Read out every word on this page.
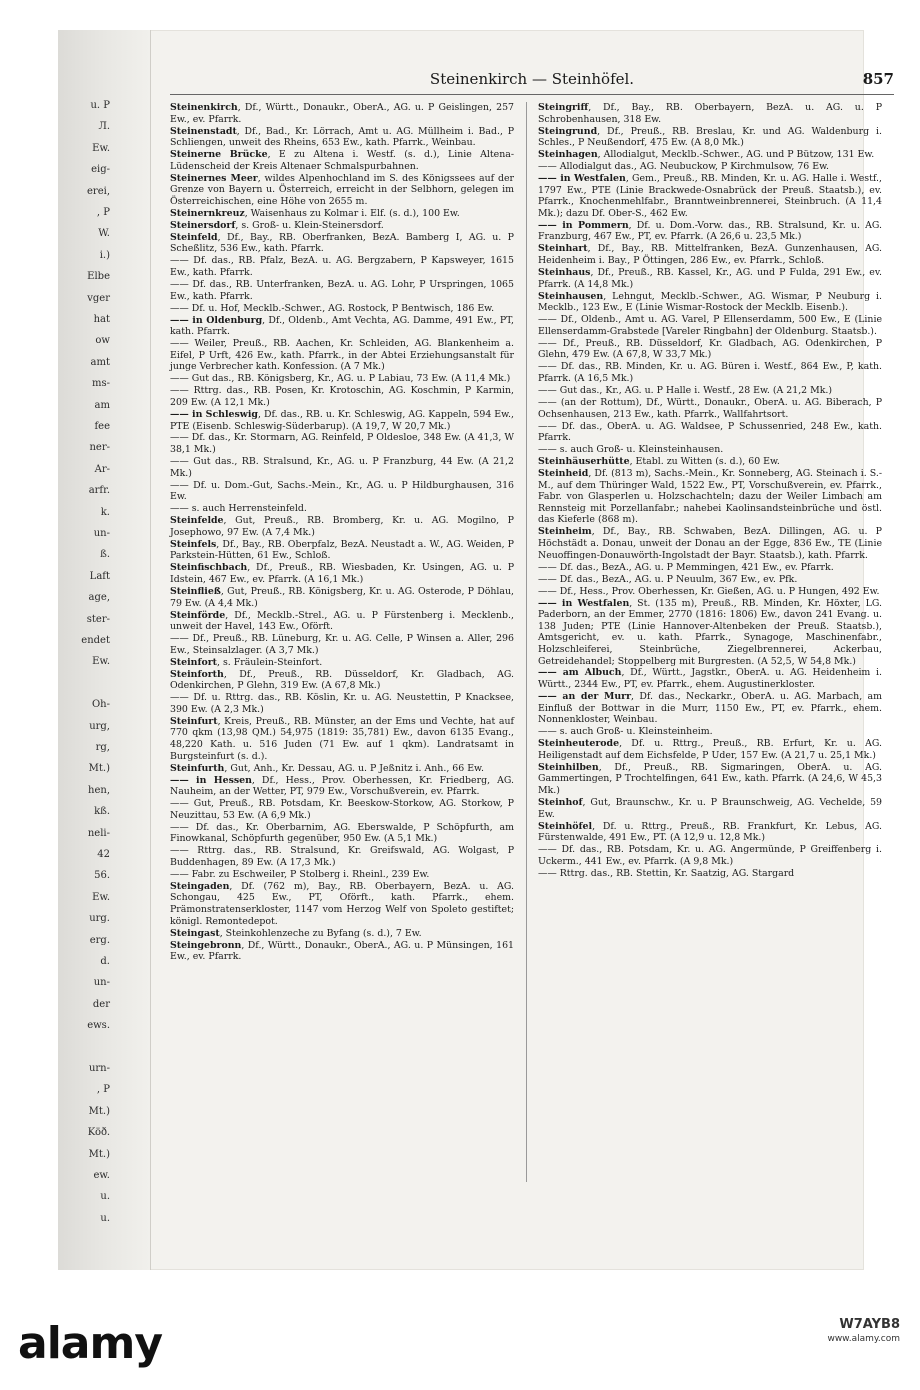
u. P
Л.
Ew.
eig-
erei,
, P
W.
i.)
Elbe
vger
hat
ow
amt
ms-
am
fee
ner-
Ar-
arfr.
k.
un-
ß.
Laft
age,
ster-
endet
Ew.
Oh-
urg,
rg,
Mt.)
hen,
kß.
neli-
42
56.
Ew.
urg.
erg.
d.
un-
der
ews.
urn-
, P
Mt.)
Köð.
Mt.)
ew.
u.
u.
Steinenkirch — Steinhöfel.	857

Steinenkirch, Df., Württ., Donaukr., OberA., AG. u. P Geislingen, 257 Ew., ev. Pfarrk.

Steinenstadt, Df., Bad., Kr. Lörrach, Amt u. AG. Müllheim i. Bad., P Schliengen, unweit des Rheins, 653 Ew., kath. Pfarrk., Weinbau.

Steinerne Brücke, E zu Altena i. Westf. (s. d.), Linie Altena-Lüdenscheid der Kreis Altenaer Schmalspurbahnen.

Steinernes Meer, wildes Alpenhochland im S. des Königssees auf der Grenze von Bayern u. Österreich, erreicht in der Selbhorn, gelegen im Österreichischen, eine Höhe von 2655 m.

Steinernkreuz, Waisenhaus zu Kolmar i. Elf. (s. d.), 100 Ew.

Steinersdorf, s. Groß- u. Klein-Steinersdorf.

Steinfeld, Df., Bay., RB. Oberfranken, BezA. Bamberg I, AG. u. P Scheßlitz, 536 Ew., kath. Pfarrk.

—— Df. das., RB. Pfalz, BezA. u. AG. Bergzabern, P Kapsweyer, 1615 Ew., kath. Pfarrk.

—— Df. das., RB. Unterfranken, BezA. u. AG. Lohr, P Urspringen, 1065 Ew., kath. Pfarrk.

—— Df. u. Hof, Mecklb.-Schwer., AG. Rostock, P Bentwisch, 186 Ew.

—— in Oldenburg, Df., Oldenb., Amt Vechta, AG. Damme, 491 Ew., PT, kath. Pfarrk.

—— Weiler, Preuß., RB. Aachen, Kr. Schleiden, AG. Blankenheim a. Eifel, P Urft, 426 Ew., kath. Pfarrk., in der Abtei Erziehungsanstalt für junge Verbrecher kath. Konfession. (A 7 Mk.)

—— Gut das., RB. Königsberg, Kr., AG. u. P Labiau, 73 Ew. (A 11,4 Mk.)

—— Rttrg. das., RB. Posen, Kr. Krotoschin, AG. Koschmin, P Karmin, 209 Ew. (A 12,1 Mk.)

—— in Schleswig, Df. das., RB. u. Kr. Schleswig, AG. Kappeln, 594 Ew., PTE (Eisenb. Schleswig-Süderbarup). (A 19,7, W 20,7 Mk.)

—— Df. das., Kr. Stormarn, AG. Reinfeld, P Oldesloe, 348 Ew. (A 41,3, W 38,1 Mk.)

—— Gut das., RB. Stralsund, Kr., AG. u. P Franzburg, 44 Ew. (A 21,2 Mk.)

—— Df. u. Dom.-Gut, Sachs.-Mein., Kr., AG. u. P Hildburghausen, 316 Ew.

—— s. auch Herrensteinfeld.

Steinfelde, Gut, Preuß., RB. Bromberg, Kr. u. AG. Mogilno, P Josephowo, 97 Ew. (A 7,4 Mk.)

Steinfels, Df., Bay., RB. Oberpfalz, BezA. Neustadt a. W., AG. Weiden, P Parkstein-Hütten, 61 Ew., Schloß.

Steinfischbach, Df., Preuß., RB. Wiesbaden, Kr. Usingen, AG. u. P Idstein, 467 Ew., ev. Pfarrk. (A 16,1 Mk.)

Steinfließ, Gut, Preuß., RB. Königsberg, Kr. u. AG. Osterode, P Döhlau, 79 Ew. (A 4,4 Mk.)

Steinförde, Df., Mecklb.-Strel., AG. u. P Fürstenberg i. Mecklenb., unweit der Havel, 143 Ew., Oförft.

—— Df., Preuß., RB. Lüneburg, Kr. u. AG. Celle, P Winsen a. Aller, 296 Ew., Steinsalzlager. (A 3,7 Mk.)

Steinfort, s. Fräulein-Steinfort.

Steinforth, Df., Preuß., RB. Düsseldorf, Kr. Gladbach, AG. Odenkirchen, P Glehn, 319 Ew. (A 67,8 Mk.)

—— Df. u. Rttrg. das., RB. Köslin, Kr. u. AG. Neustettin, P Knacksee, 390 Ew. (A 2,3 Mk.)

Steinfurt, Kreis, Preuß., RB. Münster, an der Ems und Vechte, hat auf 770 qkm (13,98 QM.) 54,975 (1819: 35,781) Ew., davon 6135 Evang., 48,220 Kath. u. 516 Juden (71 Ew. auf 1 qkm). Landratsamt in Burgsteinfurt (s. d.).

Steinfurth, Gut, Anh., Kr. Dessau, AG. u. P Jeßnitz i. Anh., 66 Ew.

—— in Hessen, Df., Hess., Prov. Oberhessen, Kr. Friedberg, AG. Nauheim, an der Wetter, PT, 979 Ew., Vorschußverein, ev. Pfarrk.

—— Gut, Preuß., RB. Potsdam, Kr. Beeskow-Storkow, AG. Storkow, P Neuzittau, 53 Ew. (A 6,9 Mk.)

—— Df. das., Kr. Oberbarnim, AG. Eberswalde, P Schöpfurth, am Finowkanal, Schöpfurth gegenüber, 950 Ew. (A 5,1 Mk.)

—— Rttrg. das., RB. Stralsund, Kr. Greifswald, AG. Wolgast, P Buddenhagen, 89 Ew. (A 17,3 Mk.)

—— Fabr. zu Eschweiler, P Stolberg i. Rheinl., 239 Ew.

Steingaden, Df. (762 m), Bay., RB. Oberbayern, BezA. u. AG. Schongau, 425 Ew., PT, Oförft., kath. Pfarrk., ehem. Prämonstratenserkloster, 1147 vom Herzog Welf von Spoleto gestiftet; königl. Remontedepot.

Steingast, Steinkohlenzeche zu Byfang (s. d.), 7 Ew.

Steingebronn, Df., Württ., Donaukr., OberA., AG. u. P Münsingen, 161 Ew., ev. Pfarrk.

Steingriff, Df., Bay., RB. Oberbayern, BezA. u. AG. u. P Schrobenhausen, 318 Ew.

Steingrund, Df., Preuß., RB. Breslau, Kr. und AG. Waldenburg i. Schles., P Neußendorf, 475 Ew. (A 8,0 Mk.)

Steinhagen, Allodialgut, Mecklb.-Schwer., AG. und P Bützow, 131 Ew.

—— Allodialgut das., AG. Neubuckow, P Kirchmulsow, 76 Ew.

—— in Westfalen, Gem., Preuß., RB. Minden, Kr. u. AG. Halle i. Westf., 1797 Ew., PTE (Linie Brackwede-Osnabrück der Preuß. Staatsb.), ev. Pfarrk., Knochenmehlfabr., Branntweinbrennerei, Steinbruch. (A 11,4 Mk.); dazu Df. Ober-S., 462 Ew.

—— in Pommern, Df. u. Dom.-Vorw. das., RB. Stralsund, Kr. u. AG. Franzburg, 467 Ew., PT, ev. Pfarrk. (A 26,6 u. 23,5 Mk.)

Steinhart, Df., Bay., RB. Mittelfranken, BezA. Gunzenhausen, AG. Heidenheim i. Bay., P Öttingen, 286 Ew., ev. Pfarrk., Schloß.

Steinhaus, Df., Preuß., RB. Kassel, Kr., AG. und P Fulda, 291 Ew., ev. Pfarrk. (A 14,8 Mk.)

Steinhausen, Lehngut, Mecklb.-Schwer., AG. Wismar, P Neuburg i. Mecklb., 123 Ew., E (Linie Wismar-Rostock der Mecklb. Eisenb.).

—— Df., Oldenb., Amt u. AG. Varel, P Ellenserdamm, 500 Ew., E (Linie Ellenserdamm-Grabstede [Vareler Ringbahn] der Oldenburg. Staatsb.).

—— Df., Preuß., RB. Düsseldorf, Kr. Gladbach, AG. Odenkirchen, P Glehn, 479 Ew. (A 67,8, W 33,7 Mk.)

—— Df. das., RB. Minden, Kr. u. AG. Büren i. Westf., 864 Ew., P, kath. Pfarrk. (A 16,5 Mk.)

—— Gut das., Kr., AG. u. P Halle i. Westf., 28 Ew. (A 21,2 Mk.)

—— (an der Rottum), Df., Württ., Donaukr., OberA. u. AG. Biberach, P Ochsenhausen, 213 Ew., kath. Pfarrk., Wallfahrtsort.

—— Df. das., OberA. u. AG. Waldsee, P Schussenried, 248 Ew., kath. Pfarrk.

—— s. auch Groß- u. Kleinsteinhausen.

Steinhäuserhütte, Etabl. zu Witten (s. d.), 60 Ew.

Steinheid, Df. (813 m), Sachs.-Mein., Kr. Sonneberg, AG. Steinach i. S.-M., auf dem Thüringer Wald, 1522 Ew., PT, Vorschußverein, ev. Pfarrk., Fabr. von Glasperlen u. Holzschachteln; dazu der Weiler Limbach am Rennsteig mit Porzellanfabr.; nahebei Kaolinsandsteinbrüche und östl. das Kieferle (868 m).

Steinheim, Df., Bay., RB. Schwaben, BezA. Dillingen, AG. u. P Höchstädt a. Donau, unweit der Donau an der Egge, 836 Ew., TE (Linie Neuoffingen-Donauwörth-Ingolstadt der Bayr. Staatsb.), kath. Pfarrk.

—— Df. das., BezA., AG. u. P Memmingen, 421 Ew., ev. Pfarrk.

—— Df. das., BezA., AG. u. P Neuulm, 367 Ew., ev. Pfk.

—— Df., Hess., Prov. Oberhessen, Kr. Gießen, AG. u. P Hungen, 492 Ew.

—— in Westfalen, St. (135 m), Preuß., RB. Minden, Kr. Höxter, LG. Paderborn, an der Emmer, 2770 (1816: 1806) Ew., davon 241 Evang. u. 138 Juden; PTE (Linie Hannover-Altenbeken der Preuß. Staatsb.), Amtsgericht, ev. u. kath. Pfarrk., Synagoge, Maschinenfabr., Holzschleiferei, Steinbrüche, Ziegelbrennerei, Ackerbau, Getreidehandel; Stoppelberg mit Burgresten. (A 52,5, W 54,8 Mk.)

—— am Albuch, Df., Württ., Jagstkr., OberA. u. AG. Heidenheim i. Württ., 2344 Ew., PT, ev. Pfarrk., ehem. Augustinerkloster.

—— an der Murr, Df. das., Neckarkr., OberA. u. AG. Marbach, am Einfluß der Bottwar in die Murr, 1150 Ew., PT, ev. Pfarrk., ehem. Nonnenkloster, Weinbau.

—— s. auch Groß- u. Kleinsteinheim.

Steinheuterode, Df. u. Rttrg., Preuß., RB. Erfurt, Kr. u. AG. Heiligenstadt auf dem Eichsfelde, P Uder, 157 Ew. (A 21,7 u. 25,1 Mk.)

Steinhilben, Df., Preuß., RB. Sigmaringen, OberA. u. AG. Gammertingen, P Trochtelfingen, 641 Ew., kath. Pfarrk. (A 24,6, W 45,3 Mk.)

Steinhof, Gut, Braunschw., Kr. u. P Braunschweig, AG. Vechelde, 59 Ew.

Steinhöfel, Df. u. Rttrg., Preuß., RB. Frankfurt, Kr. Lebus, AG. Fürstenwalde, 491 Ew., PT. (A 12,9 u. 12,8 Mk.)

—— Df. das., RB. Potsdam, Kr. u. AG. Angermünde, P Greiffenberg i. Uckerm., 441 Ew., ev. Pfarrk. (A 9,8 Mk.)

—— Rttrg. das., RB. Stettin, Kr. Saatzig, AG. Stargard

alamy	W7AYB8
www.alamy.com
